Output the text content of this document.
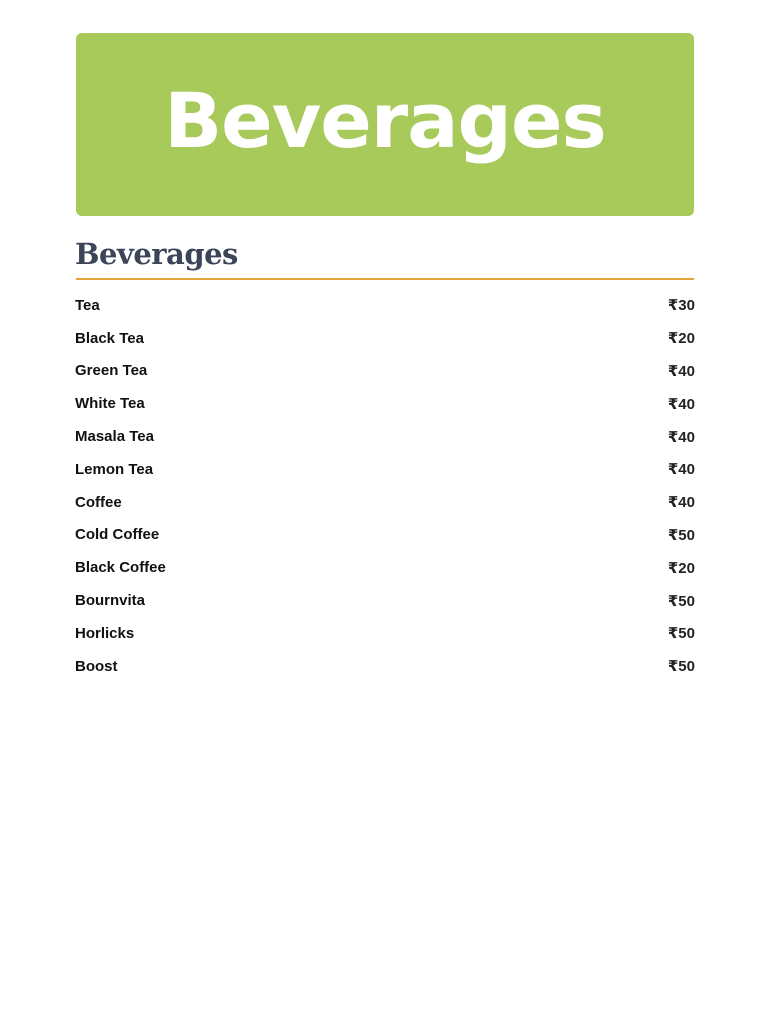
Beverages
Beverages
Tea	₹30
Black Tea	₹20
Green Tea	₹40
White Tea	₹40
Masala Tea	₹40
Lemon Tea	₹40
Coffee	₹40
Cold Coffee	₹50
Black Coffee	₹20
Bournvita	₹50
Horlicks	₹50
Boost	₹50
